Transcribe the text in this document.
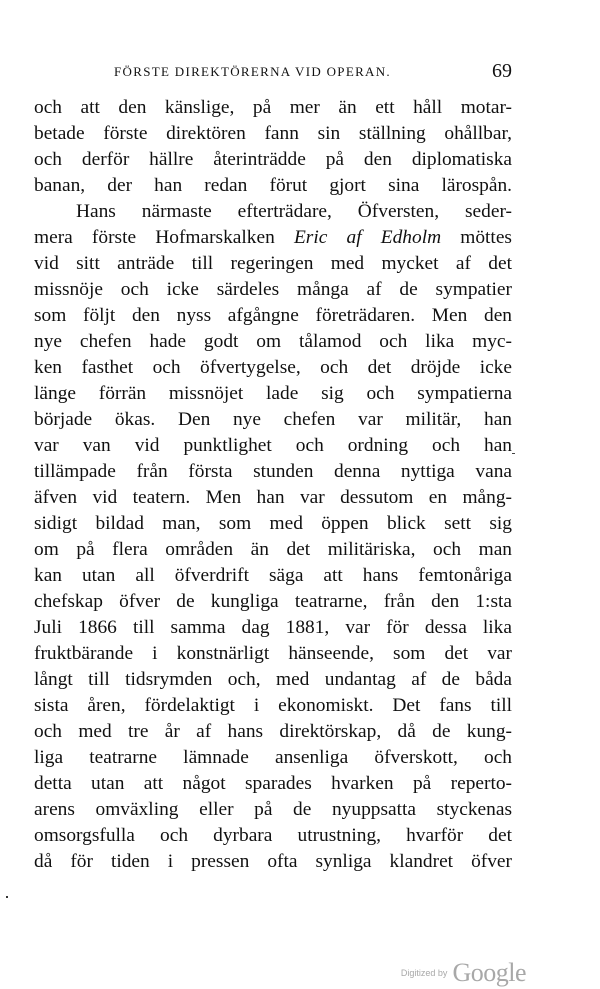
FÖRSTE DIREKTÖRERNA VID OPERAN.	69
och att den känslige, på mer än ett håll motar-
betade förste direktören fann sin ställning ohållbar,
och derför hällre återinträdde på den diplomatiska
banan, der han redan förut gjort sina lärospån.
Hans närmaste efterträdare, Öfversten, seder-
mera förste Hofmarskalken Eric af Edholm möttes
vid sitt anträde till regeringen med mycket af det
missnöje och icke särdeles många af de sympatier
som följt den nyss afgångne företrädaren. Men den
nye chefen hade godt om tålamod och lika myc-
ken fasthet och öfvertygelse, och det dröjde icke
länge förrän missnöjet lade sig och sympatierna
började ökas. Den nye chefen var militär, han
var van vid punktlighet och ordning och han
tillämpade från första stunden denna nyttiga vana
äfven vid teatern. Men han var dessutom en mång-
sidigt bildad man, som med öppen blick sett sig
om på flera områden än det militäriska, och man
kan utan all öfverdrift säga att hans femtonåriga
chefskap öfver de kungliga teatrarne, från den 1:sta
Juli 1866 till samma dag 1881, var för dessa lika
fruktbärande i konstnärligt hänseende, som det var
långt till tidsrymden och, med undantag af de båda
sista åren, fördelaktigt i ekonomiskt. Det fans till
och med tre år af hans direktörskap, då de kung-
liga teatrarne lämnade ansenliga öfverskott, och
detta utan att något sparades hvarken på reperto-
arens omväxling eller på de nyuppsatta styckenas
omsorgsfulla och dyrbara utrustning, hvarför det
då för tiden i pressen ofta synliga klandret öfver
Digitized by Google
